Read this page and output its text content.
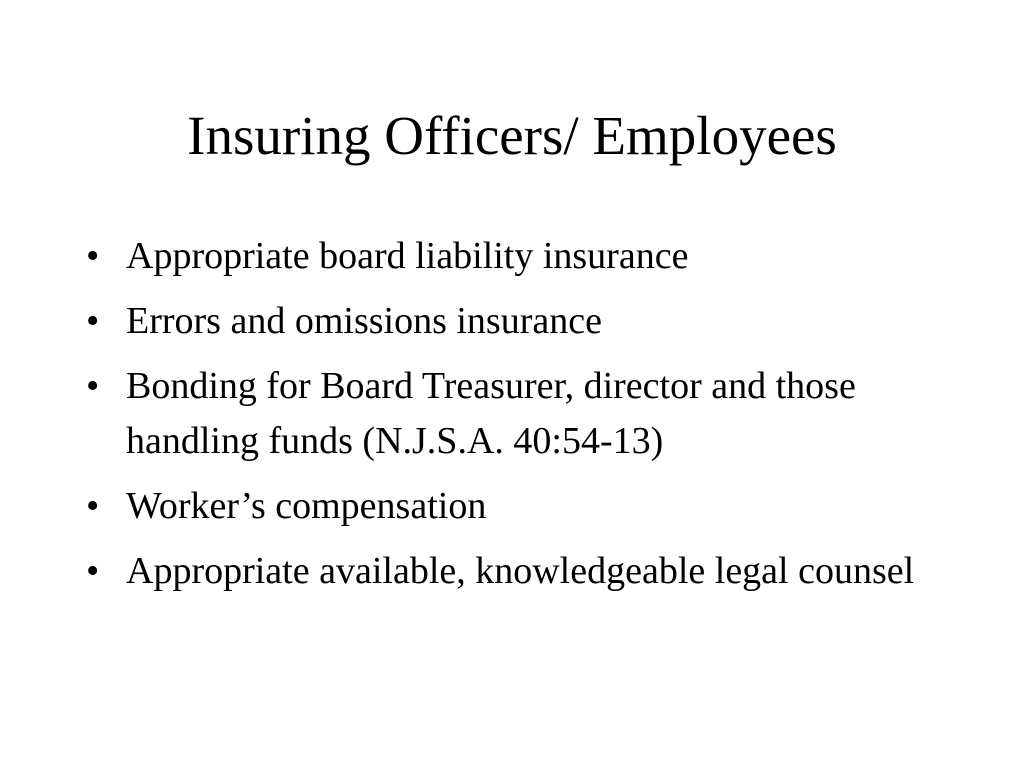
Insuring Officers/ Employees
• Appropriate board liability insurance
• Errors and omissions insurance
• Bonding for Board Treasurer, director and those handling funds (N.J.S.A. 40:54-13)
• Worker’s compensation
• Appropriate available, knowledgeable legal counsel
